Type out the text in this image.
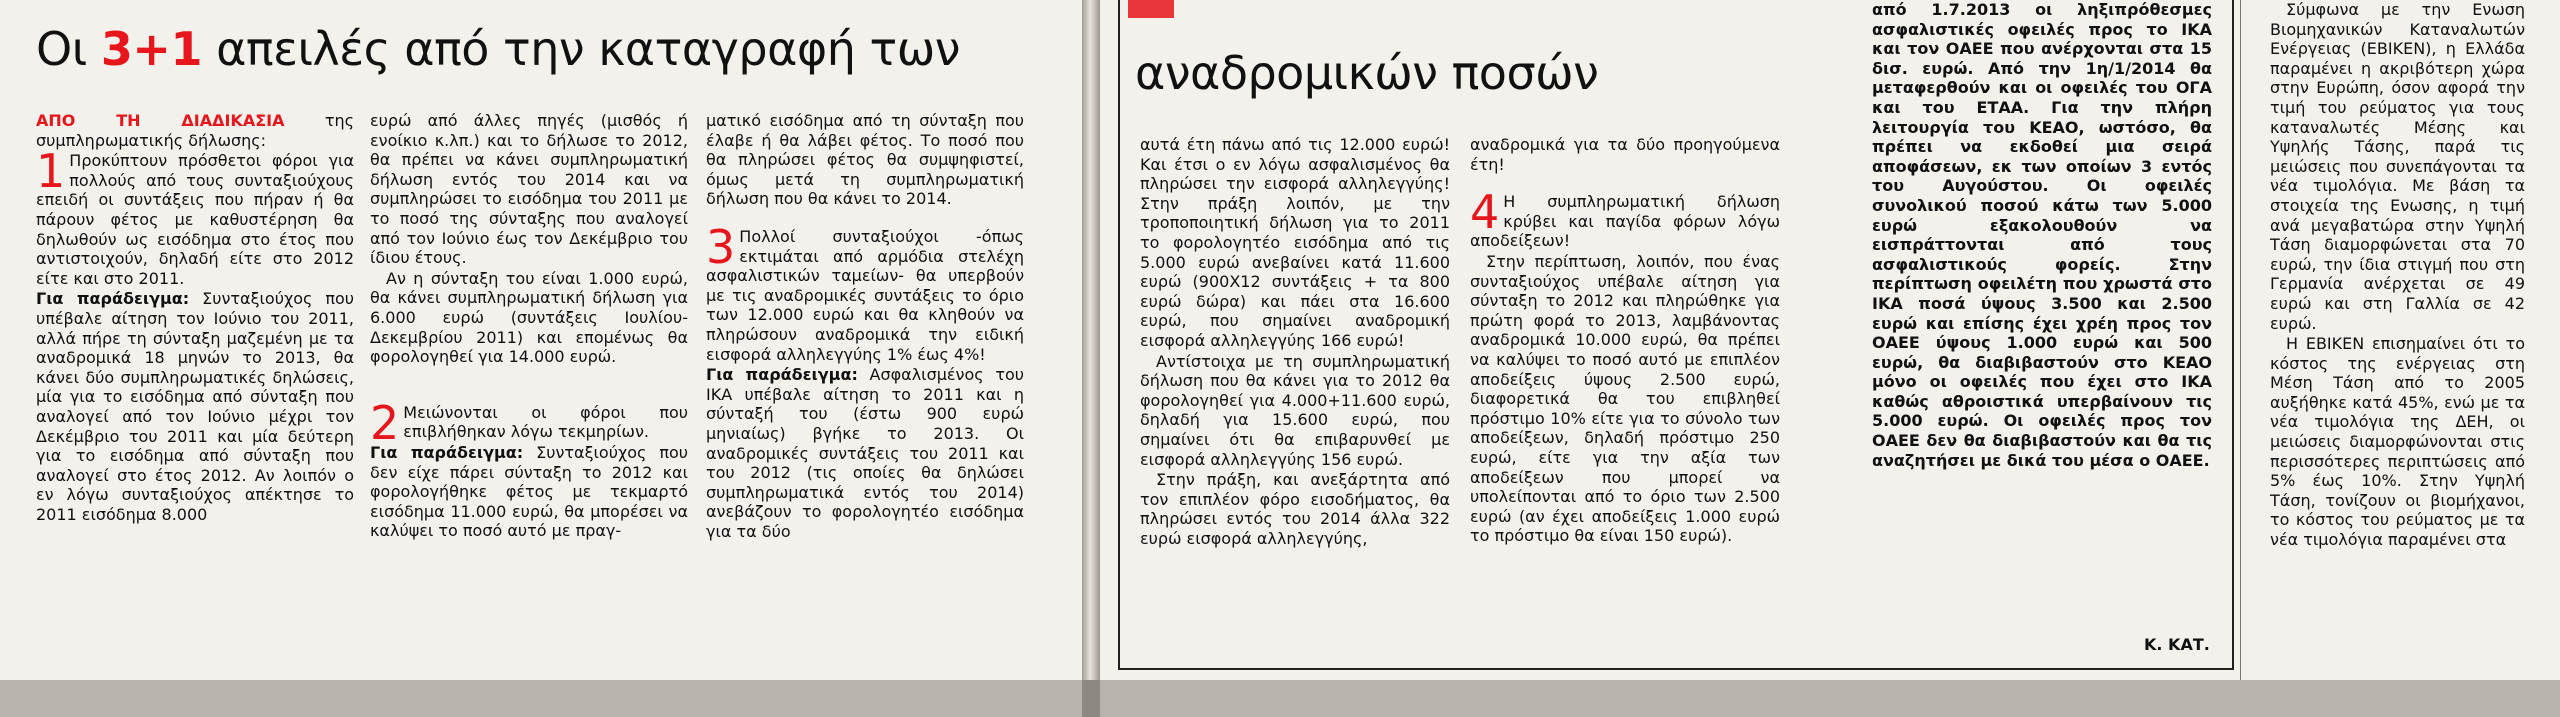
Οι 3+1 απειλές από την καταγραφή των

ΑΠΟ ΤΗ ΔΙΑΔΙΚΑΣΙΑ της συμπληρωματικής δήλωσης:

1 Προκύπτουν πρόσθετοι φόροι για πολλούς από τους συνταξιούχους επειδή οι συντάξεις που πήραν ή θα πάρουν φέτος με καθυστέρηση θα δηλωθούν ως εισόδημα στο έτος που αντιστοιχούν, δηλαδή είτε στο 2012 είτε και στο 2011.

Για παράδειγμα: Συνταξιούχος που υπέβαλε αίτηση τον Ιούνιο του 2011, αλλά πήρε τη σύνταξη μαζεμένη με τα αναδρομικά 18 μηνών το 2013, θα κάνει δύο συμπληρωματικές δηλώσεις, μία για το εισόδημα από σύνταξη που αναλογεί από τον Ιούνιο μέχρι τον Δεκέμβριο του 2011 και μία δεύτερη για το εισόδημα από σύνταξη που αναλογεί στο έτος 2012. Αν λοιπόν ο εν λόγω συνταξιούχος απέκτησε το 2011 εισόδημα 8.000

ευρώ από άλλες πηγές (μισθός ή ενοίκιο κ.λπ.) και το δήλωσε το 2012, θα πρέπει να κάνει συμπληρωματική δήλωση εντός του 2014 και να συμπληρώσει το εισόδημα του 2011 με το ποσό της σύνταξης που αναλογεί από τον Ιούνιο έως τον Δεκέμβριο του ίδιου έτους.

Αν η σύνταξη του είναι 1.000 ευρώ, θα κάνει συμπληρωματική δήλωση για 6.000 ευρώ (συντάξεις Ιουλίου-Δεκεμβρίου 2011) και επομένως θα φορολογηθεί για 14.000 ευρώ.

2 Μειώνονται οι φόροι που επιβλήθηκαν λόγω τεκμηρίων.

Για παράδειγμα: Συνταξιούχος που δεν είχε πάρει σύνταξη το 2012 και φορολογήθηκε φέτος με τεκμαρτό εισόδημα 11.000 ευρώ, θα μπορέσει να καλύψει το ποσό αυτό με πραγ-

ματικό εισόδημα από τη σύνταξη που έλαβε ή θα λάβει φέτος. Το ποσό που θα πληρώσει φέτος θα συμψηφιστεί, όμως μετά τη συμπληρωματική δήλωση που θα κάνει το 2014.

3 Πολλοί συνταξιούχοι -όπως εκτιμάται από αρμόδια στελέχη ασφαλιστικών ταμείων- θα υπερβούν με τις αναδρομικές συντάξεις το όριο των 12.000 ευρώ και θα κληθούν να πληρώσουν αναδρομικά την ειδική εισφορά αλληλεγγύης 1% έως 4%!

Για παράδειγμα: Ασφαλισμένος του ΙΚΑ υπέβαλε αίτηση το 2011 και η σύνταξή του (έστω 900 ευρώ μηνιαίως) βγήκε το 2013. Οι αναδρομικές συντάξεις του 2011 και του 2012 (τις οποίες θα δηλώσει συμπληρωματικά εντός του 2014) ανεβάζουν το φορολογητέο εισόδημα για τα δύο

αναδρομικών ποσών

αυτά έτη πάνω από τις 12.000 ευρώ! Και έτσι ο εν λόγω ασφαλισμένος θα πληρώσει την εισφορά αλληλεγγύης! Στην πράξη λοιπόν, με την τροποποιητική δήλωση για το 2011 το φορολογητέο εισόδημα από τις 5.000 ευρώ ανεβαίνει κατά 11.600 ευρώ (900Χ12 συντάξεις + τα 800 ευρώ δώρα) και πάει στα 16.600 ευρώ, που σημαίνει αναδρομική εισφορά αλληλεγγύης 166 ευρώ!

Αντίστοιχα με τη συμπληρωματική δήλωση που θα κάνει για το 2012 θα φορολογηθεί για 4.000+11.600 ευρώ, δηλαδή για 15.600 ευρώ, που σημαίνει ότι θα επιβαρυνθεί με εισφορά αλληλεγγύης 156 ευρώ.

Στην πράξη, και ανεξάρτητα από τον επιπλέον φόρο εισοδήματος, θα πληρώσει εντός του 2014 άλλα 322 ευρώ εισφορά αλληλεγγύης,

αναδρομικά για τα δύο προηγούμενα έτη!

4 Η συμπληρωματική δήλωση κρύβει και παγίδα φόρων λόγω αποδείξεων!

Στην περίπτωση, λοιπόν, που ένας συνταξιούχος υπέβαλε αίτηση για σύνταξη το 2012 και πληρώθηκε για πρώτη φορά το 2013, λαμβάνοντας αναδρομικά 10.000 ευρώ, θα πρέπει να καλύψει το ποσό αυτό με επιπλέον αποδείξεις ύψους 2.500 ευρώ, διαφορετικά θα του επιβληθεί πρόστιμο 10% είτε για το σύνολο των αποδείξεων, δηλαδή πρόστιμο 250 ευρώ, είτε για την αξία των αποδείξεων που μπορεί να υπολείπονται από το όριο των 2.500 ευρώ (αν έχει αποδείξεις 1.000 ευρώ το πρόστιμο θα είναι 150 ευρώ).

από 1.7.2013 οι ληξιπρόθεσμες ασφαλιστικές οφειλές προς το ΙΚΑ και τον ΟΑΕΕ που ανέρχονται στα 15 δισ. ευρώ. Από την 1η/1/2014 θα μεταφερθούν και οι οφειλές του ΟΓΑ και του ΕΤΑΑ. Για την πλήρη λειτουργία του ΚΕΑΟ, ωστόσο, θα πρέπει να εκδοθεί μια σειρά αποφάσεων, εκ των οποίων 3 εντός του Αυγούστου. Οι οφειλές συνολικού ποσού κάτω των 5.000 ευρώ εξακολουθούν να εισπράττονται από τους ασφαλιστικούς φορείς. Στην περίπτωση οφειλέτη που χρωστά στο ΙΚΑ ποσά ύψους 3.500 και 2.500 ευρώ και επίσης έχει χρέη προς τον ΟΑΕΕ ύψους 1.000 ευρώ και 500 ευρώ, θα διαβιβαστούν στο ΚΕΑΟ μόνο οι οφειλές που έχει στο ΙΚΑ καθώς αθροιστικά υπερβαίνουν τις 5.000 ευρώ. Οι οφειλές προς τον ΟΑΕΕ δεν θα διαβιβαστούν και θα τις αναζητήσει με δικά του μέσα ο ΟΑΕΕ.

Κ. ΚΑΤ.

Σύμφωνα με την Ενωση Βιομηχανικών Καταναλωτών Ενέργειας (ΕΒΙΚΕΝ), η Ελλάδα παραμένει η ακριβότερη χώρα στην Ευρώπη, όσον αφορά την τιμή του ρεύματος για τους καταναλωτές Μέσης και Υψηλής Τάσης, παρά τις μειώσεις που συνεπάγονται τα νέα τιμολόγια. Με βάση τα στοιχεία της Ενωσης, η τιμή ανά μεγαβατώρα στην Υψηλή Τάση διαμορφώνεται στα 70 ευρώ, την ίδια στιγμή που στη Γερμανία ανέρχεται σε 49 ευρώ και στη Γαλλία σε 42 ευρώ.

Η ΕΒΙΚΕΝ επισημαίνει ότι το κόστος της ενέργειας στη Μέση Τάση από το 2005 αυξήθηκε κατά 45%, ενώ με τα νέα τιμολόγια της ΔΕΗ, οι μειώσεις διαμορφώνονται στις περισσότερες περιπτώσεις από 5% έως 10%. Στην Υψηλή Τάση, τονίζουν οι βιομήχανοι, το κόστος του ρεύματος με τα νέα τιμολόγια παραμένει στα
